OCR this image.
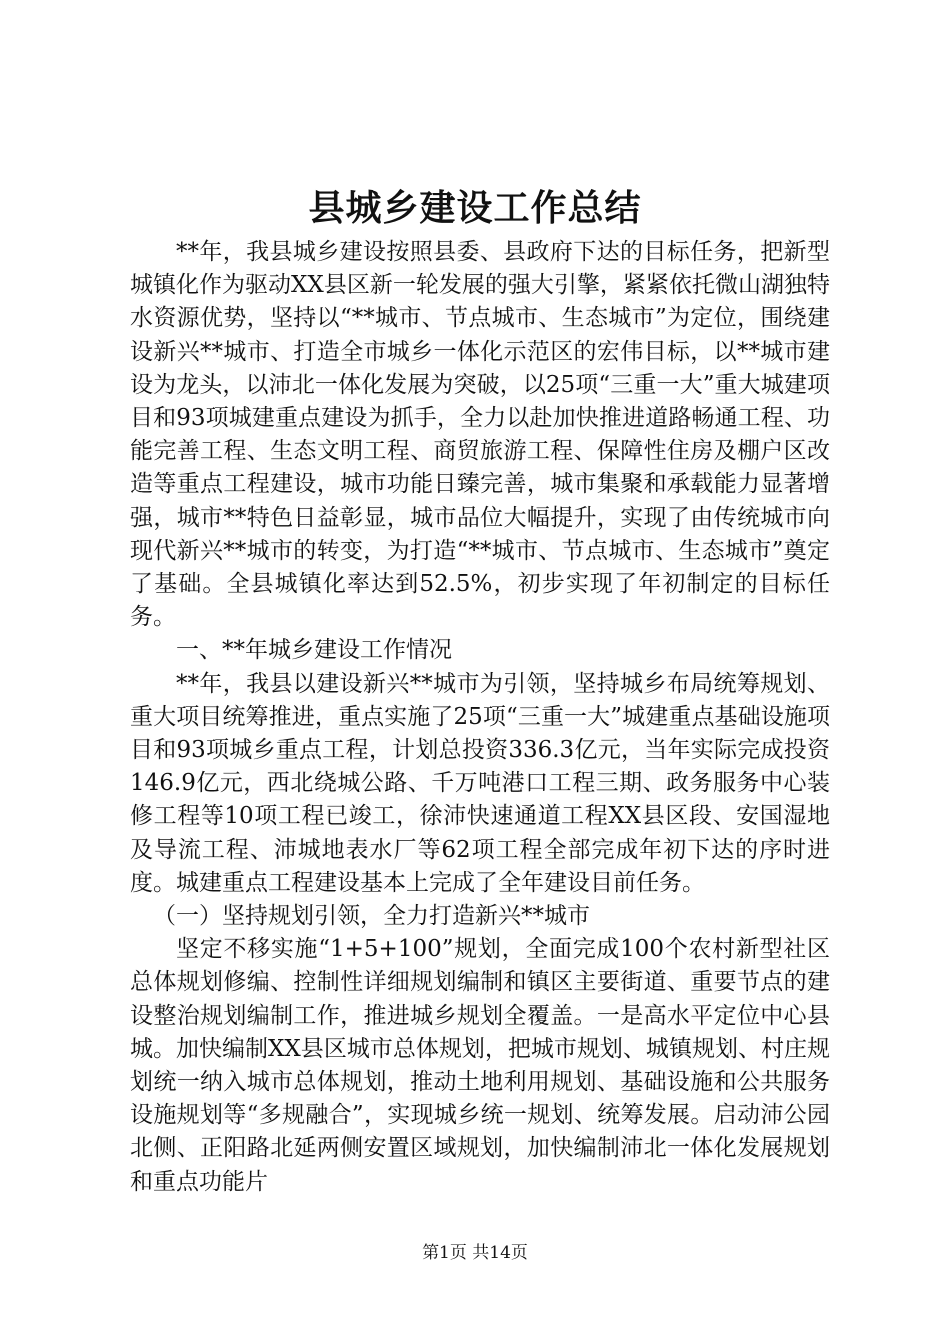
县城乡建设工作总结

**年，我县城乡建设按照县委、县政府下达的目标任务，把新型城镇化作为驱动XX县区新一轮发展的强大引擎，紧紧依托微山湖独特水资源优势，坚持以“**城市、节点城市、生态城市”为定位，围绕建设新兴**城市、打造全市城乡一体化示范区的宏伟目标，以**城市建设为龙头，以沛北一体化发展为突破，以25项“三重一大”重大城建项目和93项城建重点建设为抓手，全力以赴加快推进道路畅通工程、功能完善工程、生态文明工程、商贸旅游工程、保障性住房及棚户区改造等重点工程建设，城市功能日臻完善，城市集聚和承载能力显著增强，城市**特色日益彰显，城市品位大幅提升，实现了由传统城市向现代新兴**城市的转变，为打造“**城市、节点城市、生态城市”奠定了基础。全县城镇化率达到52.5%，初步实现了年初制定的目标任务。

一、**年城乡建设工作情况

**年，我县以建设新兴**城市为引领，坚持城乡布局统筹规划、重大项目统筹推进，重点实施了25项“三重一大”城建重点基础设施项目和93项城乡重点工程，计划总投资336.3亿元，当年实际完成投资146.9亿元，西北绕城公路、千万吨港口工程三期、政务服务中心装修工程等10项工程已竣工，徐沛快速通道工程XX县区段、安国湿地及导流工程、沛城地表水厂等62项工程全部完成年初下达的序时进度。城建重点工程建设基本上完成了全年建设目前任务。

（一）坚持规划引领，全力打造新兴**城市

坚定不移实施“1+5+100”规划，全面完成100个农村新型社区总体规划修编、控制性详细规划编制和镇区主要街道、重要节点的建设整治规划编制工作，推进城乡规划全覆盖。一是高水平定位中心县城。加快编制XX县区城市总体规划，把城市规划、城镇规划、村庄规划统一纳入城市总体规划，推动土地利用规划、基础设施和公共服务设施规划等“多规融合”，实现城乡统一规划、统筹发展。启动沛公园北侧、正阳路北延两侧安置区域规划，加快编制沛北一体化发展规划和重点功能片

第1页 共14页
